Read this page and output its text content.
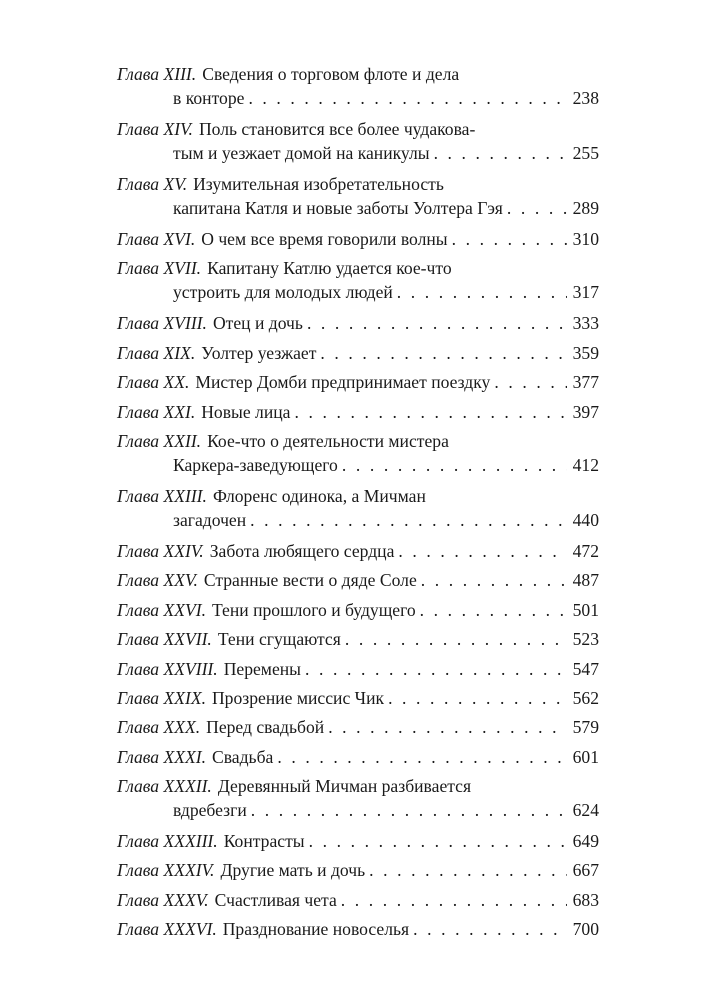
Глава XIII. Сведения о торговом флоте и дела
в конторе . . .	238
Глава XIV. Поль становится все более чудакова-
тым и уезжает домой на каникулы . . .	255
Глава XV. Изумительная изобретательность
капитана Катля и новые заботы Уолтера Гэя . . .	289
Глава XVI. О чем все время говорили волны . . .	310
Глава XVII. Капитану Катлю удается кое-что
устроить для молодых людей . . .	317
Глава XVIII. Отец и дочь . . .	333
Глава XIX. Уолтер уезжает . . .	359
Глава XX. Мистер Домби предпринимает поездку . . .	377
Глава XXI. Новые лица . . .	397
Глава XXII. Кое-что о деятельности мистера
Каркера-заведующего . . .	412
Глава XXIII. Флоренс одинока, а Мичман
загадочен . . .	440
Глава XXIV. Забота любящего сердца . . .	472
Глава XXV. Странные вести о дяде Соле . . .	487
Глава XXVI. Тени прошлого и будущего . . .	501
Глава XXVII. Тени сгущаются . . .	523
Глава XXVIII. Перемены . . .	547
Глава XXIX. Прозрение миссис Чик . . .	562
Глава XXX. Перед свадьбой . . .	579
Глава XXXI. Свадьба . . .	601
Глава XXXII. Деревянный Мичман разбивается
вдребезги . . .	624
Глава XXXIII. Контрасты . . .	649
Глава XXXIV. Другие мать и дочь . . .	667
Глава XXXV. Счастливая чета . . .	683
Глава XXXVI. Празднование новоселья . . .	700
